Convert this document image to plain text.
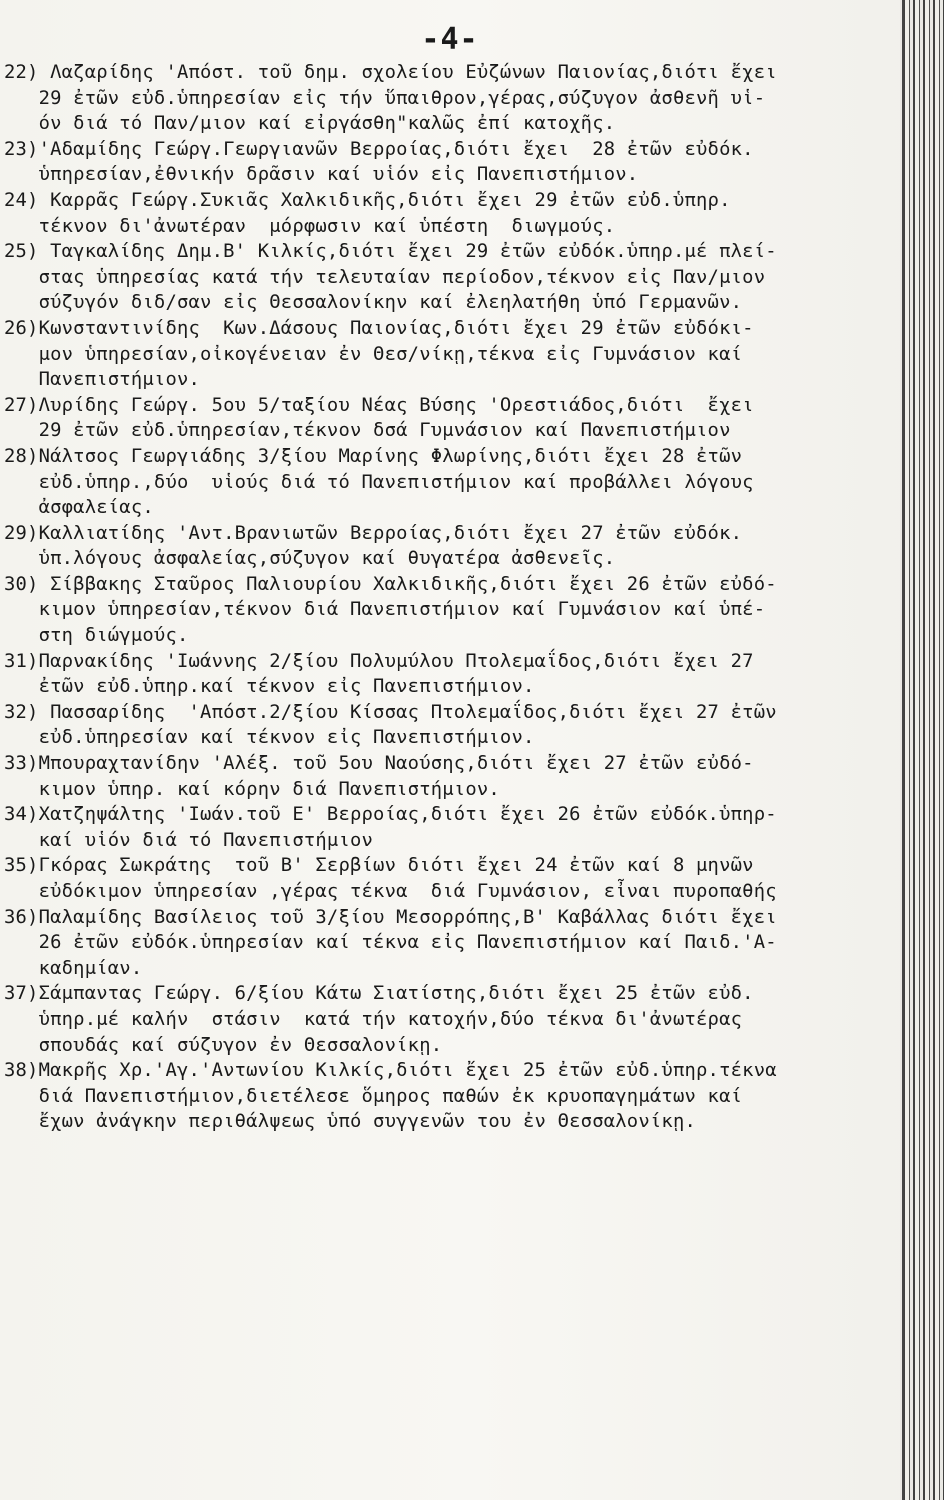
-4-
22) Λαζαρίδης 'Απόστ. τοῦ δημ. σχολείου Εὐζώνων Παιονίας,διότι ἔχει
29 ἐτῶν εὐδ.ὑπηρεσίαν εἰς τήν ὕπαιθρον,γέρας,σύζυγον ἀσθενῆ υἱ-
όν διά τό Παν/μιον καί εἰργάσθη"καλῶς ἐπί κατοχῆς.
23)'Αδαμίδης Γεώργ.Γεωργιανῶν Βερροίας,διότι ἔχει  28 ἐτῶν εὐδόκ.
ὑπηρεσίαν,ἐθνικήν δρᾶσιν καί υἱόν εἰς Πανεπιστήμιον.
24) Καρρᾶς Γεώργ.Συκιᾶς Χαλκιδικῆς,διότι ἔχει 29 ἐτῶν εὐδ.ὑπηρ.
τέκνον δι'ἀνωτέραν  μόρφωσιν καί ὑπέστη  διωγμούς.
25) Ταγκαλίδης Δημ.Β' Κιλκίς,διότι ἔχει 29 ἐτῶν εὐδόκ.ὑπηρ.μέ πλεί-
στας ὑπηρεσίας κατά τήν τελευταίαν περίοδον,τέκνον εἰς Παν/μιον
σύζυγόν διδ/σαν εἰς Θεσσαλονίκην καί ἐλεηλατήθη ὑπό Γερμανῶν.
26)Κωνσταντινίδης  Κων.Δάσους Παιονίας,διότι ἔχει 29 ἐτῶν εὐδόκι-
μον ὑπηρεσίαν,οἰκογένειαν ἐν Θεσ/νίκῃ,τέκνα εἰς Γυμνάσιον καί
Πανεπιστήμιον.
27)Λυρίδης Γεώργ. 5ου 5/ταξίου Νέας Βύσης 'Ορεστιάδος,διότι  ἔχει
29 ἐτῶν εὐδ.ὑπηρεσίαν,τέκνον δσά Γυμνάσιον καί Πανεπιστήμιον
28)Νάλτσος Γεωργιάδης 3/ξίου Μαρίνης Φλωρίνης,διότι ἔχει 28 ἐτῶν
εὐδ.ὑπηρ.,δύο  υἱούς διά τό Πανεπιστήμιον καί προβάλλει λόγους
ἀσφαλείας.
29)Καλλιατίδης 'Αντ.Βρανιωτῶν Βερροίας,διότι ἔχει 27 ἐτῶν εὐδόκ.
ὑπ.λόγους ἀσφαλείας,σύζυγον καί θυγατέρα ἀσθενεῖς.
30) Σίββακης Σταῦρος Παλιουρίου Χαλκιδικῆς,διότι ἔχει 26 ἐτῶν εὐδό-
κιμον ὑπηρεσίαν,τέκνον διά Πανεπιστήμιον καί Γυμνάσιον καί ὑπέ-
στη διώγμούς.
31)Παρνακίδης 'Ιωάννης 2/ξίου Πολυμύλου Πτολεμαΐδος,διότι ἔχει 27
ἐτῶν εὐδ.ὑπηρ.καί τέκνον εἰς Πανεπιστήμιον.
32) Πασσαρίδης  'Απόστ.2/ξίου Κίσσας Πτολεμαΐδος,διότι ἔχει 27 ἐτῶν
εὐδ.ὑπηρεσίαν καί τέκνον εἰς Πανεπιστήμιον.
33)Μπουραχτανίδην 'Αλέξ. τοῦ 5ου Ναούσης,διότι ἔχει 27 ἐτῶν εὐδό-
κιμον ὑπηρ. καί κόρην διά Πανεπιστήμιον.
34)Χατζηψάλτης 'Ιωάν.τοῦ Ε' Βερροίας,διότι ἔχει 26 ἐτῶν εὐδόκ.ὑπηρ-
καί υἱόν διά τό Πανεπιστήμιον
35)Γκόρας Σωκράτης  τοῦ Β' Σερβίων διότι ἔχει 24 ἐτῶν καί 8 μηνῶν
εὐδόκιμον ὑπηρεσίαν ,γέρας τέκνα  διά Γυμνάσιον, εἶναι πυροπαθής
36)Παλαμίδης Βασίλειος τοῦ 3/ξίου Μεσορρόπης,Β' Καβάλλας διότι ἔχει
26 ἐτῶν εὐδόκ.ὑπηρεσίαν καί τέκνα εἰς Πανεπιστήμιον καί Παιδ.'Α-
καδημίαν.
37)Σάμπαντας Γεώργ. 6/ξίου Κάτω Σιατίστης,διότι ἔχει 25 ἐτῶν εὐδ.
ὑπηρ.μέ καλήν  στάσιν  κατά τήν κατοχήν,δύο τέκνα δι'ἀνωτέρας
σπουδάς καί σύζυγον ἐν Θεσσαλονίκῃ.
38)Μακρῆς Χρ.'Αγ.'Αντωνίου Κιλκίς,διότι ἔχει 25 ἐτῶν εὐδ.ὑπηρ.τέκνα
διά Πανεπιστήμιον,διετέλεσε ὅμηρος παθών ἐκ κρυοπαγημάτων καί
ἔχων ἀνάγκην περιθάλψεως ὑπό συγγενῶν του ἐν Θεσσαλονίκῃ.
